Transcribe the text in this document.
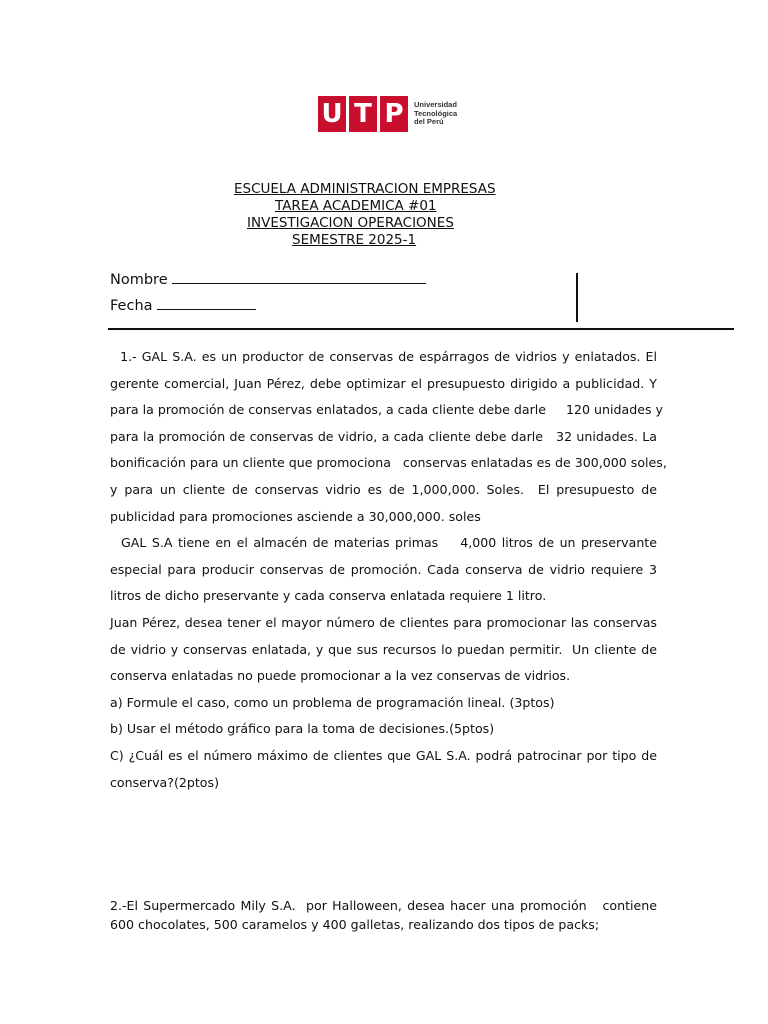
U T P	Universidad
Tecnológica
del Perú
ESCUELA ADMINISTRACION EMPRESAS
TAREA ACADEMICA #01
INVESTIGACION OPERACIONES
SEMESTRE 2025-1
Nombre
Fecha

1.- GAL S.A. es un productor de conservas de espárragos de vidrios y enlatados. El

gerente comercial, Juan Pérez, debe optimizar el presupuesto dirigido a publicidad. Y

para la promoción de conservas enlatados, a cada cliente debe darle     120 unidades y

para la promoción de conservas de vidrio, a cada cliente debe darle   32 unidades. La

bonificación para un cliente que promociona   conservas enlatadas es de 300,000 soles,

y para un cliente de conservas vidrio es de 1,000,000. Soles.  El presupuesto de

publicidad para promociones asciende a 30,000,000. soles

GAL S.A tiene en el almacén de materias primas    4,000 litros de un preservante

especial para producir conservas de promoción. Cada conserva de vidrio requiere 3

litros de dicho preservante y cada conserva enlatada requiere 1 litro.

Juan Pérez, desea tener el mayor número de clientes para promocionar las conservas

de vidrio y conservas enlatada, y que sus recursos lo puedan permitir.  Un cliente de

conserva enlatadas no puede promocionar a la vez conservas de vidrios.

a) Formule el caso, como un problema de programación lineal. (3ptos)

b) Usar el método gráfico para la toma de decisiones.(5ptos)

C) ¿Cuál es el número máximo de clientes que GAL S.A. podrá patrocinar por tipo de

conserva?(2ptos)

2.-El Supermercado Mily S.A.  por Halloween, desea hacer una promoción   contiene

600 chocolates, 500 caramelos y 400 galletas, realizando dos tipos de packs;
